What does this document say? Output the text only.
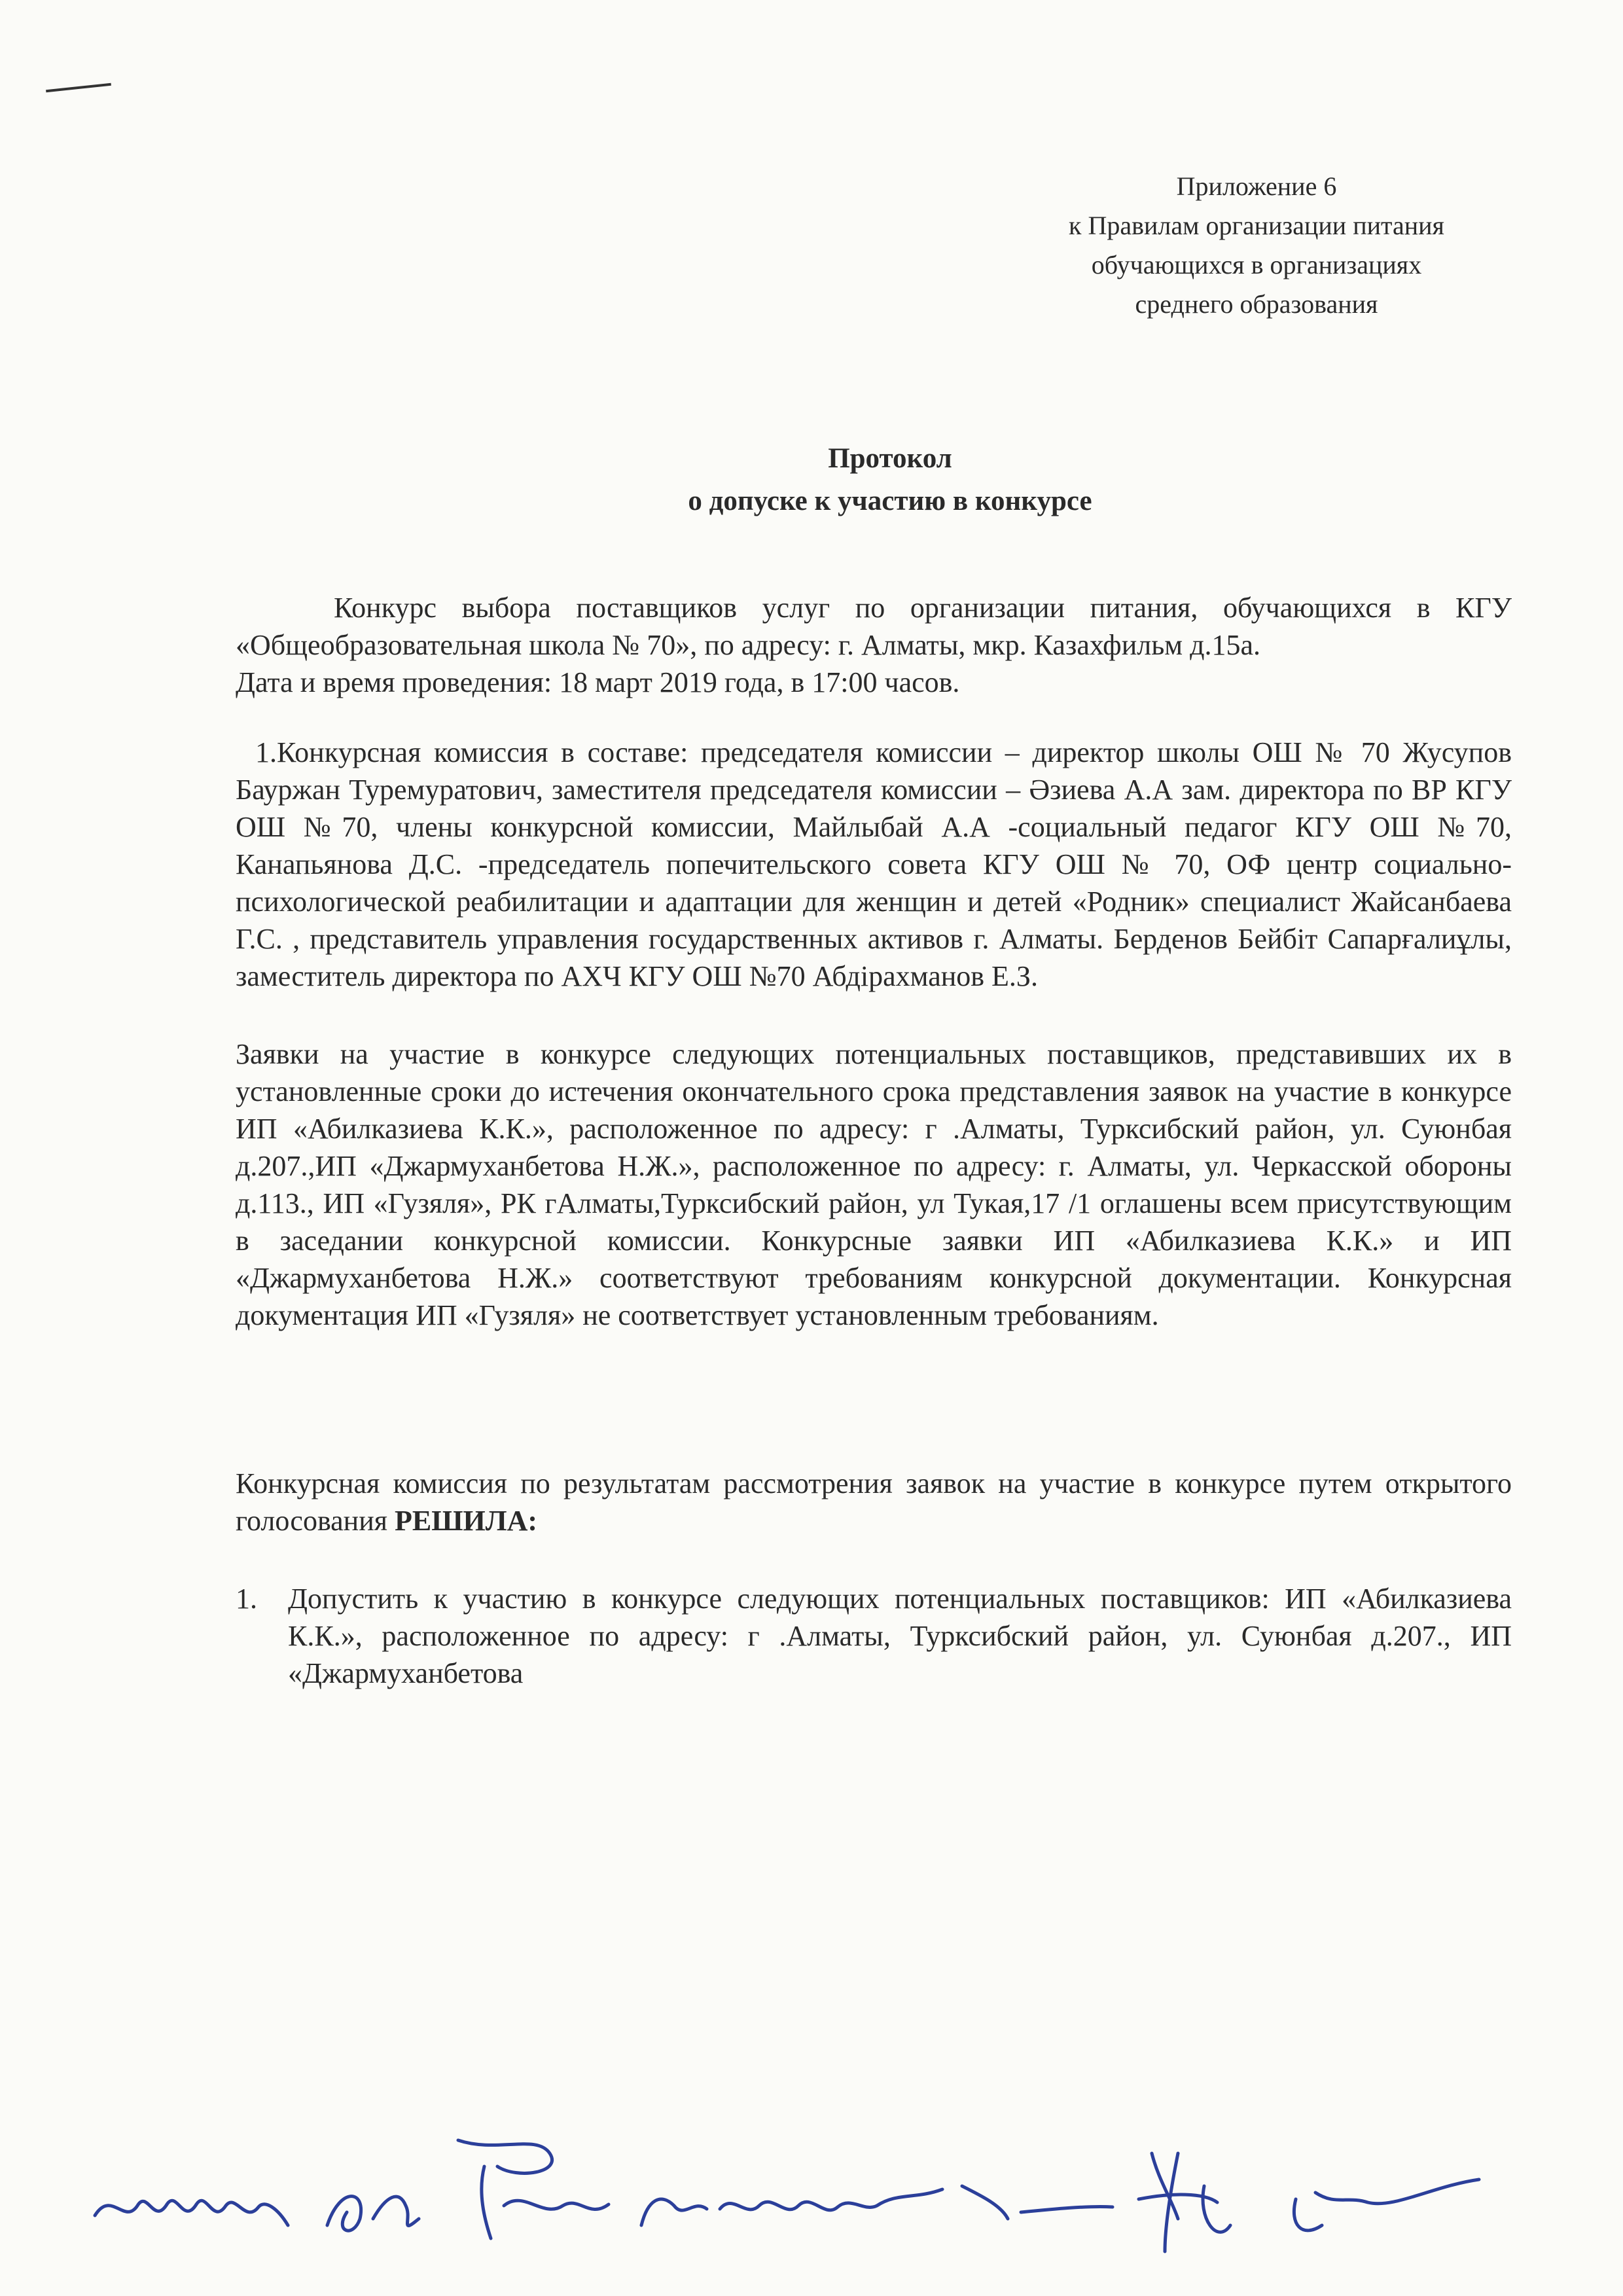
Приложение 6
к Правилам организации питания
обучающихся в организациях
среднего образования
Протокол
о допуске к участию в конкурсе

Конкурс выбора поставщиков услуг по организации питания, обучающихся в КГУ «Общеобразовательная школа № 70», по адресу: г. Алматы, мкр. Казахфильм д.15а.

Дата и время проведения: 18 март 2019 года, в 17:00 часов.

1.Конкурсная комиссия в составе: председателя комиссии – директор школы ОШ № 70 Жусупов Бауржан Туремуратович, заместителя председателя комиссии – Әзиева А.А зам. директора по ВР КГУ ОШ №70, члены конкурсной комиссии, Майлыбай А.А -социальный педагог КГУ ОШ №70, Канапьянова Д.С. -председатель попечительского совета КГУ ОШ № 70, ОФ центр социально-психологической реабилитации и адаптации для женщин и детей «Родник» специалист Жайсанбаева Г.С. , представитель управления государственных активов г. Алматы. Берденов Бейбіт Сапарғалиұлы, заместитель директора по АХЧ КГУ ОШ №70 Абдірахманов Е.З.

Заявки на участие в конкурсе следующих потенциальных поставщиков, представивших их в установленные сроки до истечения окончательного срока представления заявок на участие в конкурсе ИП «Абилказиева К.К.», расположенное по адресу: г .Алматы, Турксибский район, ул. Суюнбая д.207.,ИП «Джармуханбетова Н.Ж.», расположенное по адресу: г. Алматы, ул. Черкасской обороны д.113., ИП «Гузяля», РК гАлматы,Турксибский район, ул Тукая,17 /1 оглашены всем присутствующим в заседании конкурсной комиссии. Конкурсные заявки ИП «Абилказиева К.К.» и ИП «Джармуханбетова Н.Ж.» соответствуют требованиям конкурсной документации. Конкурсная документация ИП «Гузяля» не соответствует установленным требованиям.

Конкурсная комиссия по результатам рассмотрения заявок на участие в конкурсе путем открытого голосования РЕШИЛА:

1.	Допустить к участию в конкурсе следующих потенциальных поставщиков: ИП «Абилказиева К.К.», расположенное по адресу: г .Алматы, Турксибский район, ул. Суюнбая д.207., ИП «Джармуханбетова
